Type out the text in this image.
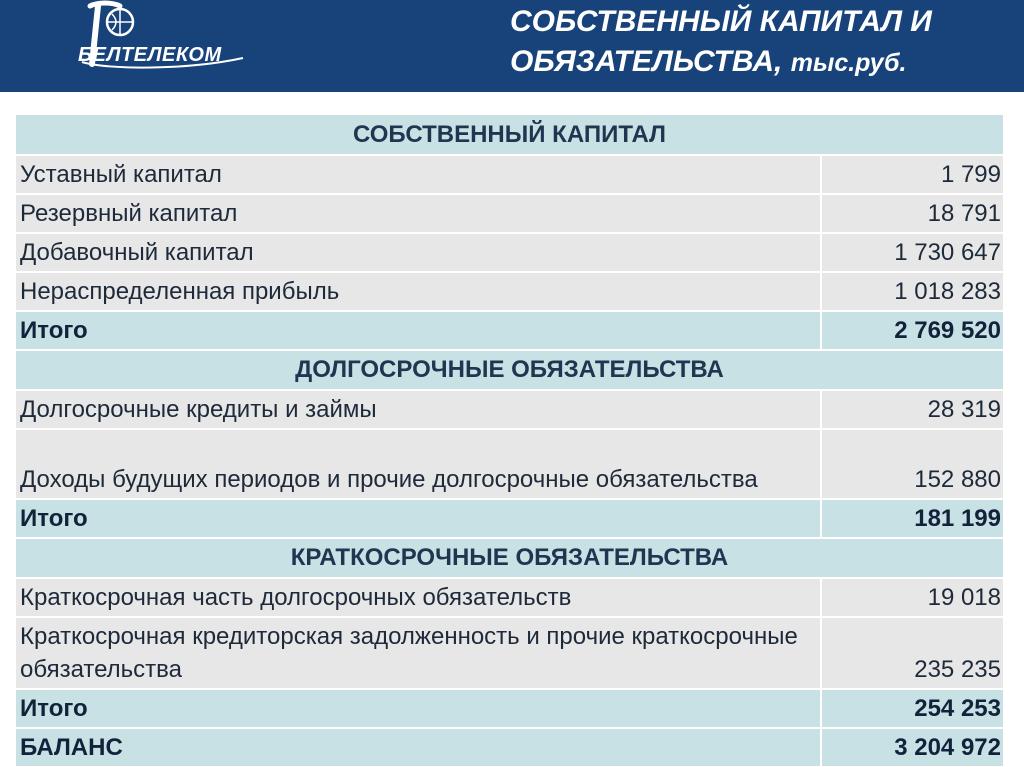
БЕЛТЕЛЕКОМ
СОБСТВЕННЫЙ КАПИТАЛ И
ОБЯЗАТЕЛЬСТВА, тыс.руб.
СОБСТВЕННЫЙ КАПИТАЛ	
Уставный капитал	1 799
Резервный капитал	18 791
Добавочный капитал	1 730 647
Нераспределенная прибыль	1 018 283
Итого	2 769 520
ДОЛГОСРОЧНЫЕ ОБЯЗАТЕЛЬСТВА	
Долгосрочные кредиты и займы	28 319
Доходы будущих периодов и прочие долгосрочные обязательства	152 880
Итого	181 199
КРАТКОСРОЧНЫЕ ОБЯЗАТЕЛЬСТВА	
Краткосрочная часть долгосрочных обязательств	19 018
Краткосрочная кредиторская задолженность и прочие краткосрочные обязательства	235 235
Итого	254 253
БАЛАНС	3 204 972
